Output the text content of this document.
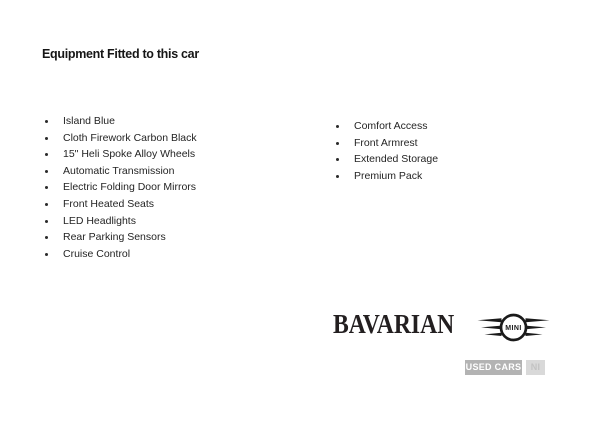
Equipment Fitted to this car
Island Blue
Cloth Firework Carbon Black
15" Heli Spoke Alloy Wheels
Automatic Transmission
Electric Folding Door Mirrors
Front Heated Seats
LED Headlights
Rear Parking Sensors
Cruise Control
Comfort Access
Front Armrest
Extended Storage
Premium Pack
BAVARIAN	MINI
USED CARS	NI
